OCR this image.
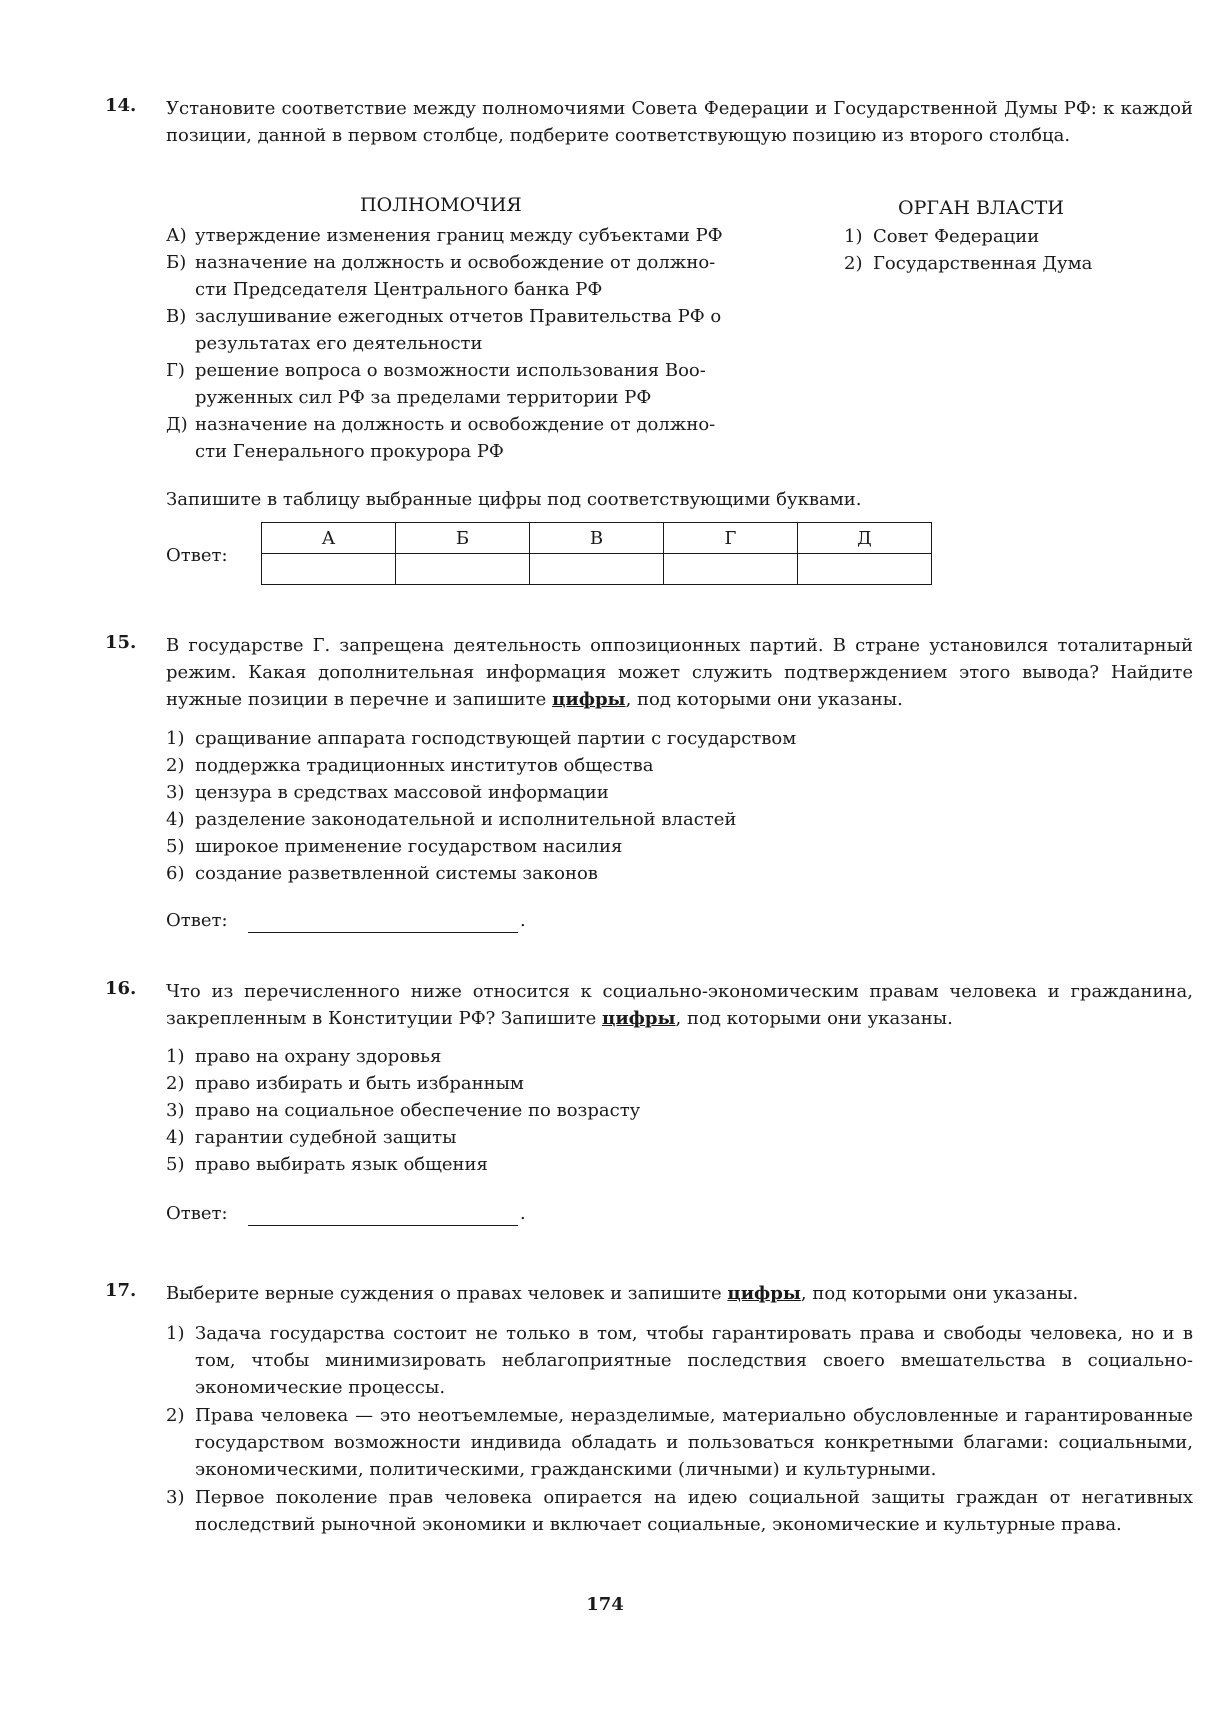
14. Установите соответствие между полномочиями Совета Федерации и Государственной Думы РФ: к каждой позиции, данной в первом столбце, подберите соответствующую позицию из второго столбца.
ПОЛНОМОЧИЯ	ОРГАН ВЛАСТИ
А) утверждение изменения границ между субъектами РФ
Б) назначение на должность и освобождение от должно-
сти Председателя Центрального банка РФ
В) заслушивание ежегодных отчетов Правительства РФ о
результатах его деятельности
Г) решение вопроса о возможности использования Воо-
руженных сил РФ за пределами территории РФ
Д) назначение на должность и освобождение от должно-
сти Генерального прокурора РФ
1) Совет Федерации
2) Государственная Дума
Запишите в таблицу выбранные цифры под соответствующими буквами.
Ответ:
А	Б	В	Г	Д

15. В государстве Г. запрещена деятельность оппозиционных партий. В стране установился тоталитарный режим. Какая дополнительная информация может служить подтверждением этого вывода? Найдите нужные позиции в перечне и запишите цифры, под которыми они указаны.
1) сращивание аппарата господствующей партии с государством
2) поддержка традиционных институтов общества
3) цензура в средствах массовой информации
4) разделение законодательной и исполнительной властей
5) широкое применение государством насилия
6) создание разветвленной системы законов
Ответ:	.
16. Что из перечисленного ниже относится к социально-экономическим правам человека и гражданина, закрепленным в Конституции РФ? Запишите цифры, под которыми они указаны.
1) право на охрану здоровья
2) право избирать и быть избранным
3) право на социальное обеспечение по возрасту
4) гарантии судебной защиты
5) право выбирать язык общения
Ответ:	.
17. Выберите верные суждения о правах человек и запишите цифры, под которыми они указаны.
1) Задача государства состоит не только в том, чтобы гарантировать права и свободы человека, но и в том, чтобы минимизировать неблагоприятные последствия своего вмешательства в социально-экономические процессы.
2) Права человека — это неотъемлемые, неразделимые, материально обусловленные и гарантированные государством возможности индивида обладать и пользоваться конкретными благами: социальными, экономическими, политическими, гражданскими (личными) и культурными.
3) Первое поколение прав человека опирается на идею социальной защиты граждан от негативных последствий рыночной экономики и включает социальные, экономические и культурные права.
174
